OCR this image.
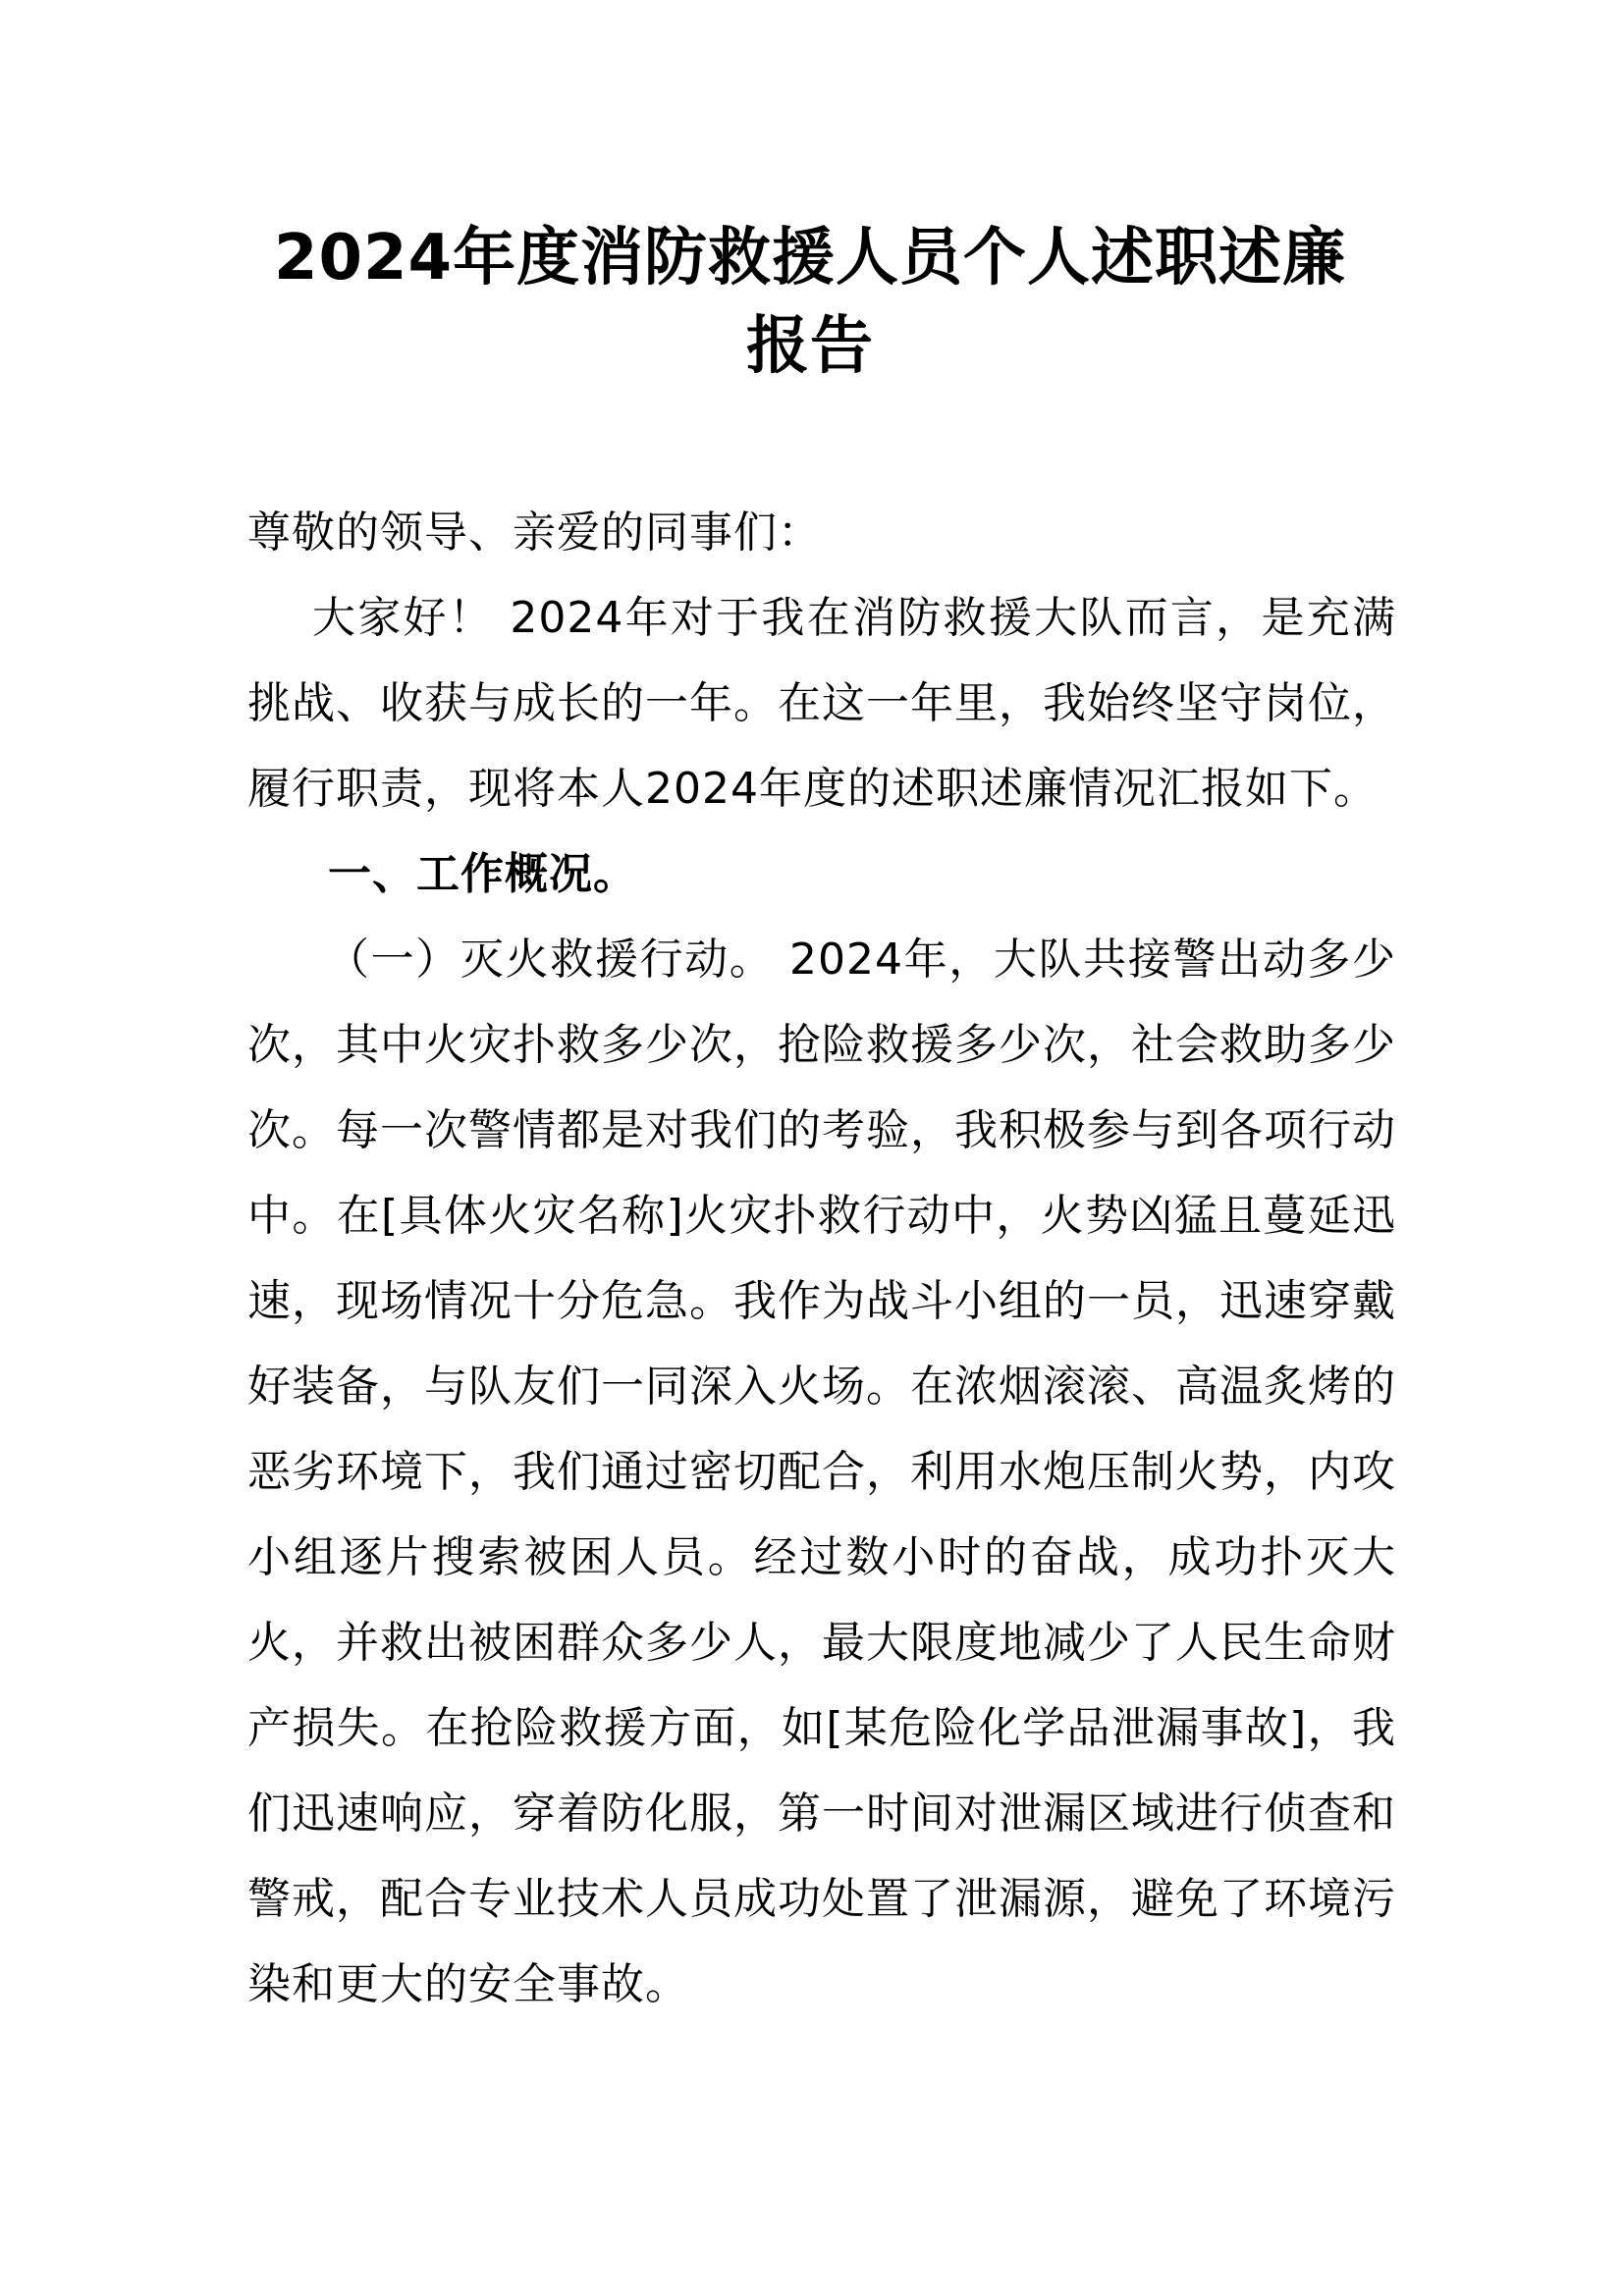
2024年度消防救援人员个人述职述廉报告

尊敬的领导、亲爱的同事们：

大家好！ 2024年对于我在消防救援大队而言，是充满挑战、收获与成长的一年。在这一年里，我始终坚守岗位，履行职责，现将本人2024年度的述职述廉情况汇报如下。

一、工作概况。

（一）灭火救援行动。 2024年，大队共接警出动多少次，其中火灾扑救多少次，抢险救援多少次，社会救助多少次。每一次警情都是对我们的考验，我积极参与到各项行动中。在[具体火灾名称]火灾扑救行动中，火势凶猛且蔓延迅速，现场情况十分危急。我作为战斗小组的一员，迅速穿戴好装备，与队友们一同深入火场。在浓烟滚滚、高温炙烤的恶劣环境下，我们通过密切配合，利用水炮压制火势，内攻小组逐片搜索被困人员。经过数小时的奋战，成功扑灭大火，并救出被困群众多少人，最大限度地减少了人民生命财产损失。在抢险救援方面，如[某危险化学品泄漏事故]，我们迅速响应，穿着防化服，第一时间对泄漏区域进行侦查和警戒，配合专业技术人员成功处置了泄漏源，避免了环境污染和更大的安全事故。
